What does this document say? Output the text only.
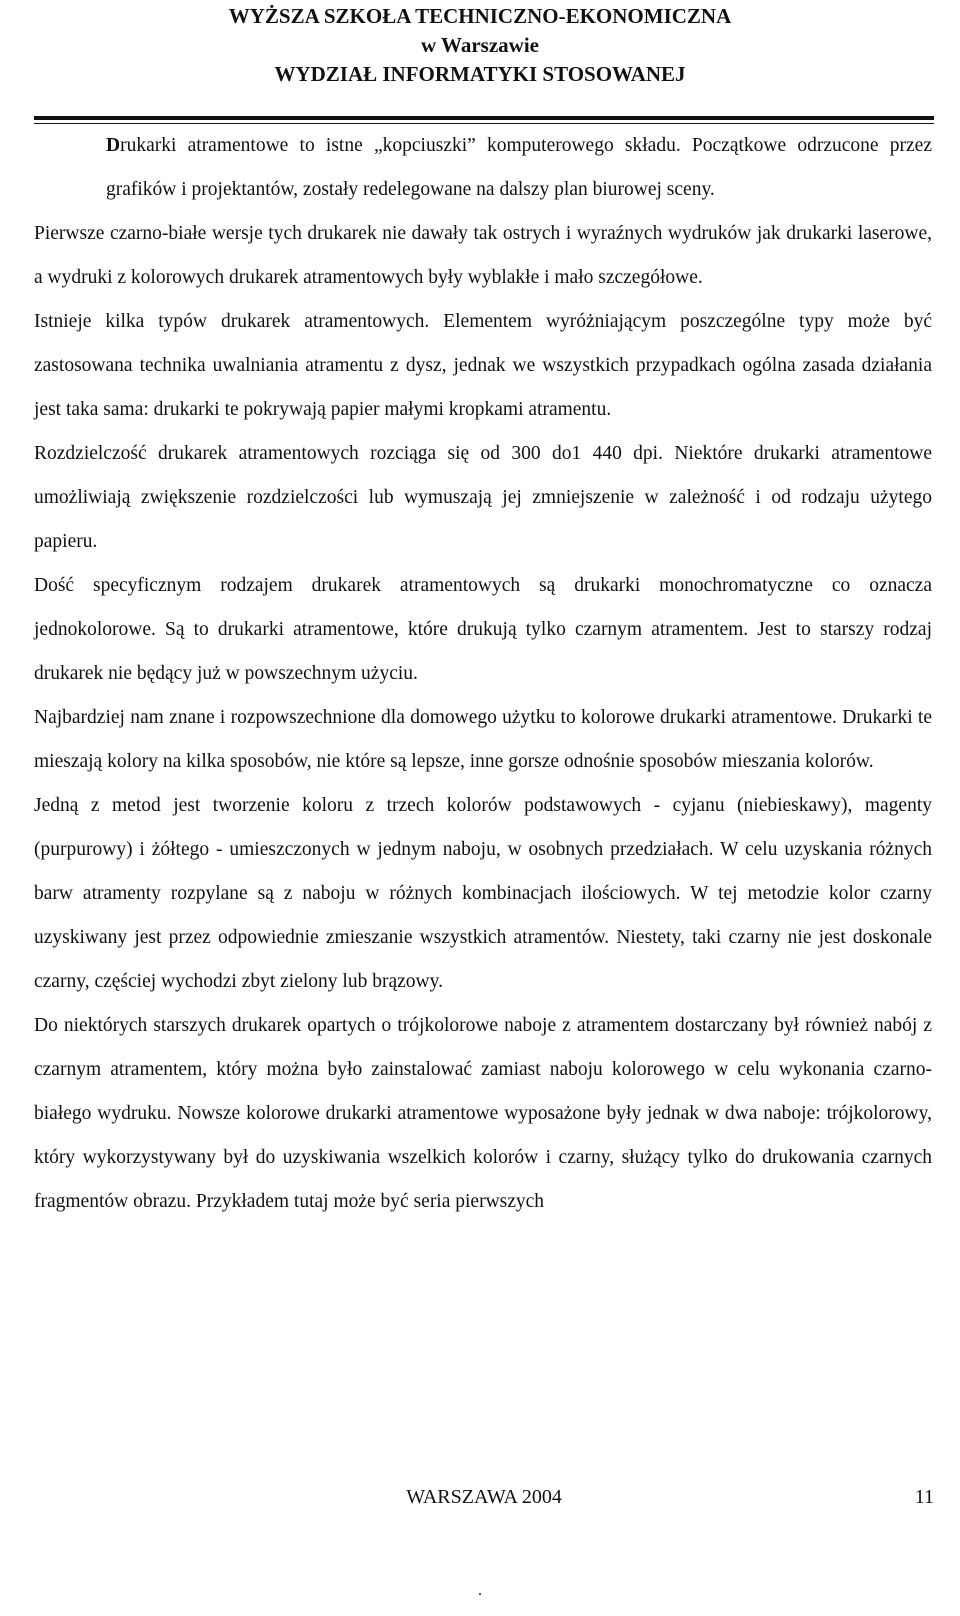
WYŻSZA SZKOŁA TECHNICZNO-EKONOMICZNA
w Warszawie
WYDZIAŁ INFORMATYKI STOSOWANEJ

Drukarki atramentowe to istne „kopciuszki” komputerowego składu. Początkowe odrzucone przez grafików i projektantów, zostały redelegowane na dalszy plan biurowej sceny.

Pierwsze czarno-białe wersje tych drukarek nie dawały tak ostrych i wyraźnych wydruków jak drukarki laserowe, a wydruki z kolorowych drukarek atramentowych były wyblakłe i mało szczegółowe.

Istnieje kilka typów drukarek atramentowych. Elementem wyróżniającym poszczególne typy może być zastosowana technika uwalniania atramentu z dysz, jednak we wszystkich przypadkach ogólna zasada działania jest taka sama: drukarki te pokrywają papier małymi kropkami atramentu.

Rozdzielczość drukarek atramentowych rozciąga się od 300 do1 440 dpi. Niektóre drukarki atramentowe umożliwiają zwiększenie rozdzielczości lub wymuszają jej zmniejszenie w zależność i od rodzaju użytego papieru.

Dość specyficznym rodzajem drukarek atramentowych są drukarki monochromatyczne co oznacza jednokolorowe. Są to drukarki atramentowe, które drukują tylko czarnym atramentem. Jest to starszy rodzaj drukarek nie będący już w powszechnym użyciu.

Najbardziej nam znane i rozpowszechnione dla domowego użytku to kolorowe drukarki atramentowe. Drukarki te mieszają kolory na kilka sposobów, nie które są lepsze, inne gorsze odnośnie sposobów mieszania kolorów.

Jedną z metod jest tworzenie koloru z trzech kolorów podstawowych - cyjanu (niebieskawy), magenty (purpurowy) i żółtego - umieszczonych w jednym naboju, w osobnych przedziałach. W celu uzyskania różnych barw atramenty rozpylane są z naboju w różnych kombinacjach ilościowych. W tej metodzie kolor czarny uzyskiwany jest przez odpowiednie zmieszanie wszystkich atramentów. Niestety, taki czarny nie jest doskonale czarny, częściej wychodzi zbyt zielony lub brązowy.

Do niektórych starszych drukarek opartych o trójkolorowe naboje z atramentem dostarczany był również nabój z czarnym atramentem, który można było zainstalować zamiast naboju kolorowego w celu wykonania czarno-białego wydruku. Nowsze kolorowe drukarki atramentowe wyposażone były jednak w dwa naboje: trójkolorowy, który wykorzystywany był do uzyskiwania wszelkich kolorów i czarny, służący tylko do drukowania czarnych fragmentów obrazu. Przykładem tutaj może być seria pierwszych

WARSZAWA 2004	11
.
